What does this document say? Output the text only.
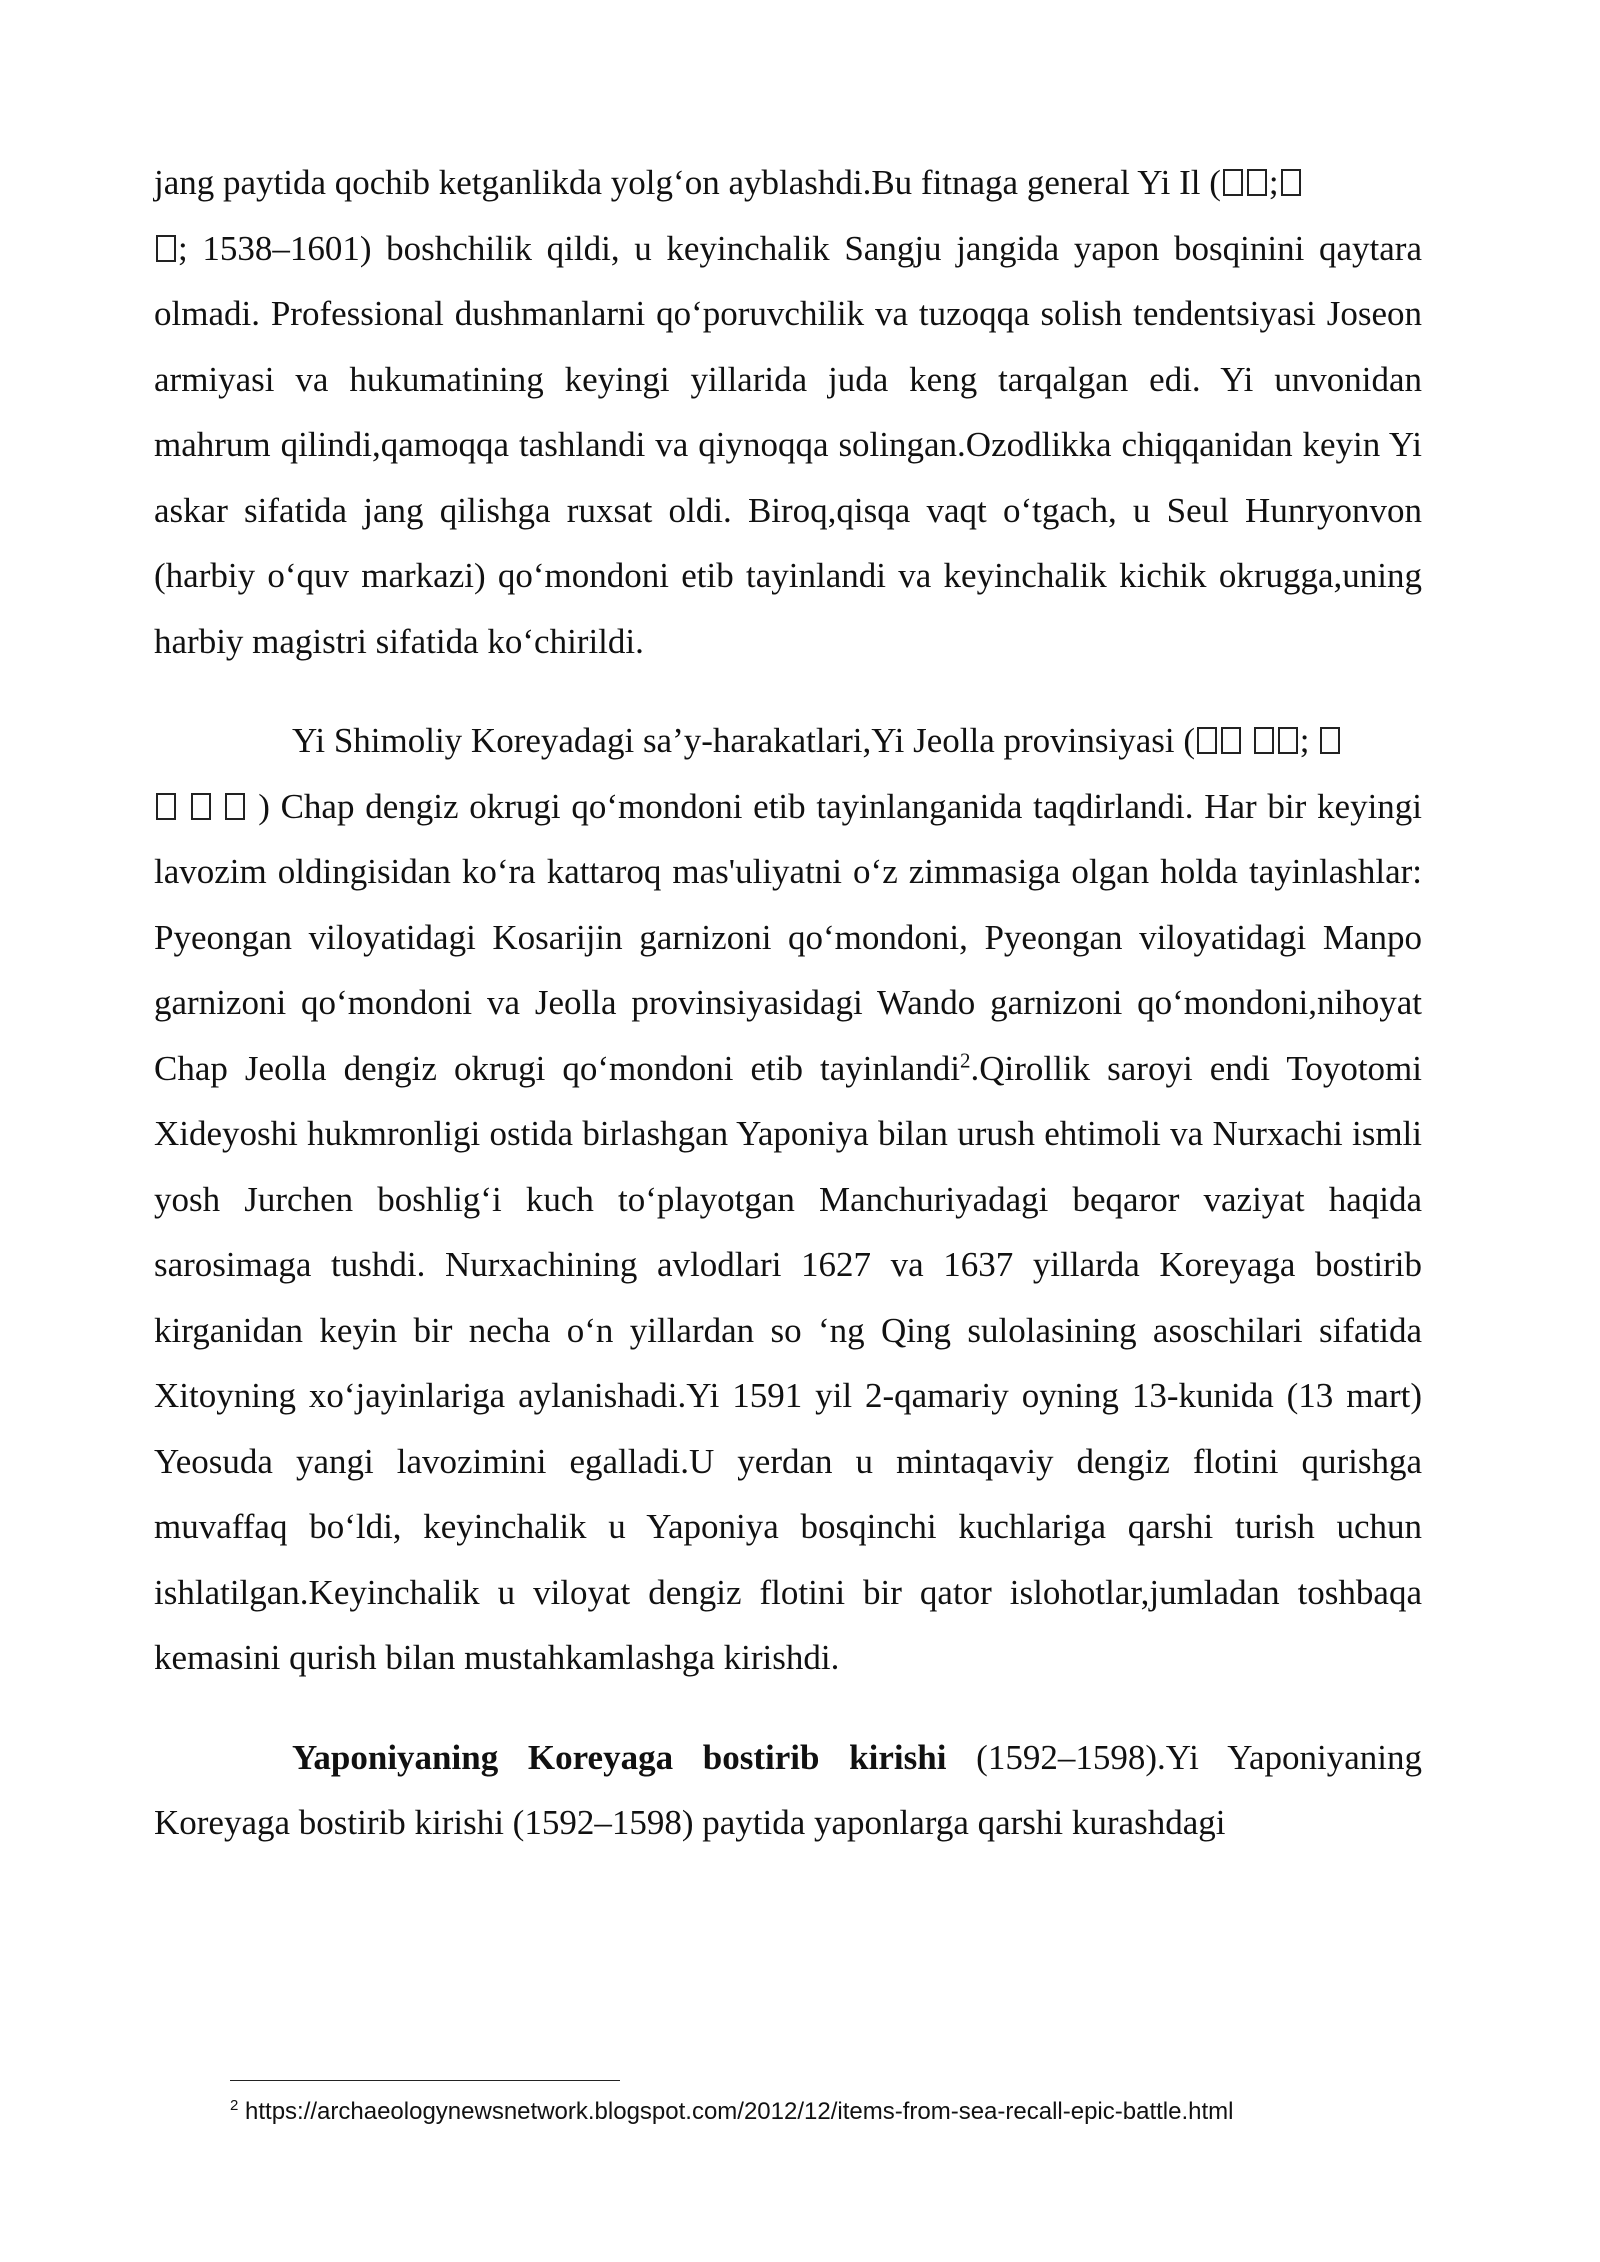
jang paytida qochib ketganlikda yolg‘on ayblashdi.Bu fitnaga general Yi Il ( ;
; 1538–1601) boshchilik qildi, u keyinchalik Sangju jangida yapon bosqinini qaytara olmadi. Professional dushmanlarni qo‘poruvchilik va tuzoqqa solish tendentsiyasi Joseon armiyasi va hukumatining keyingi yillarida juda keng tarqalgan edi. Yi unvonidan mahrum qilindi,qamoqqa tashlandi va qiynoqqa solingan.Ozodlikka chiqqanidan keyin Yi askar sifatida jang qilishga ruxsat oldi. Biroq,qisqa vaqt o‘tgach, u Seul Hunryonvon (harbiy o‘quv markazi) qo‘mondoni etib tayinlandi va keyinchalik kichik okrugga,uning harbiy magistri sifatida ko‘chirildi.

Yi Shimoliy Koreyadagi sa’y-harakatlari,Yi Jeolla provinsiyasi (	;
) Chap dengiz okrugi qo‘mondoni etib tayinlanganida taqdirlandi. Har bir keyingi lavozim oldingisidan ko‘ra kattaroq mas'uliyatni o‘z zimmasiga olgan holda tayinlashlar: Pyeongan viloyatidagi Kosarijin garnizoni qo‘mondoni, Pyeongan viloyatidagi Manpo garnizoni qo‘mondoni va Jeolla provinsiyasidagi Wando garnizoni qo‘mondoni,nihoyat Chap Jeolla dengiz okrugi qo‘mondoni etib tayinlandi$^2$.Qirollik saroyi endi Toyotomi Xideyoshi hukmronligi ostida birlashgan Yaponiya bilan urush ehtimoli va Nurxachi ismli yosh Jurchen boshlig‘i kuch to‘playotgan Manchuriyadagi beqaror vaziyat haqida sarosimaga tushdi. Nurxachining avlodlari 1627 va 1637 yillarda Koreyaga bostirib kirganidan keyin bir necha o‘n yillardan so ‘ng Qing sulolasining asoschilari sifatida Xitoyning xo‘jayinlariga aylanishadi.Yi 1591 yil 2-qamariy oyning 13-kunida (13 mart) Yeosuda yangi lavozimini egalladi.U yerdan u mintaqaviy dengiz flotini qurishga muvaffaq bo‘ldi, keyinchalik u Yaponiya bosqinchi kuchlariga qarshi turish uchun ishlatilgan.Keyinchalik u viloyat dengiz flotini bir qator islohotlar,jumladan toshbaqa kemasini qurish bilan mustahkamlashga kirishdi.

Yaponiyaning Koreyaga bostirib kirishi (1592–1598).Yi Yaponiyaning Koreyaga bostirib kirishi (1592–1598) paytida yaponlarga qarshi kurashdagi

$^2$ https://archaeologynewsnetwork.blogspot.com/2012/12/items-from-sea-recall-epic-battle.html
